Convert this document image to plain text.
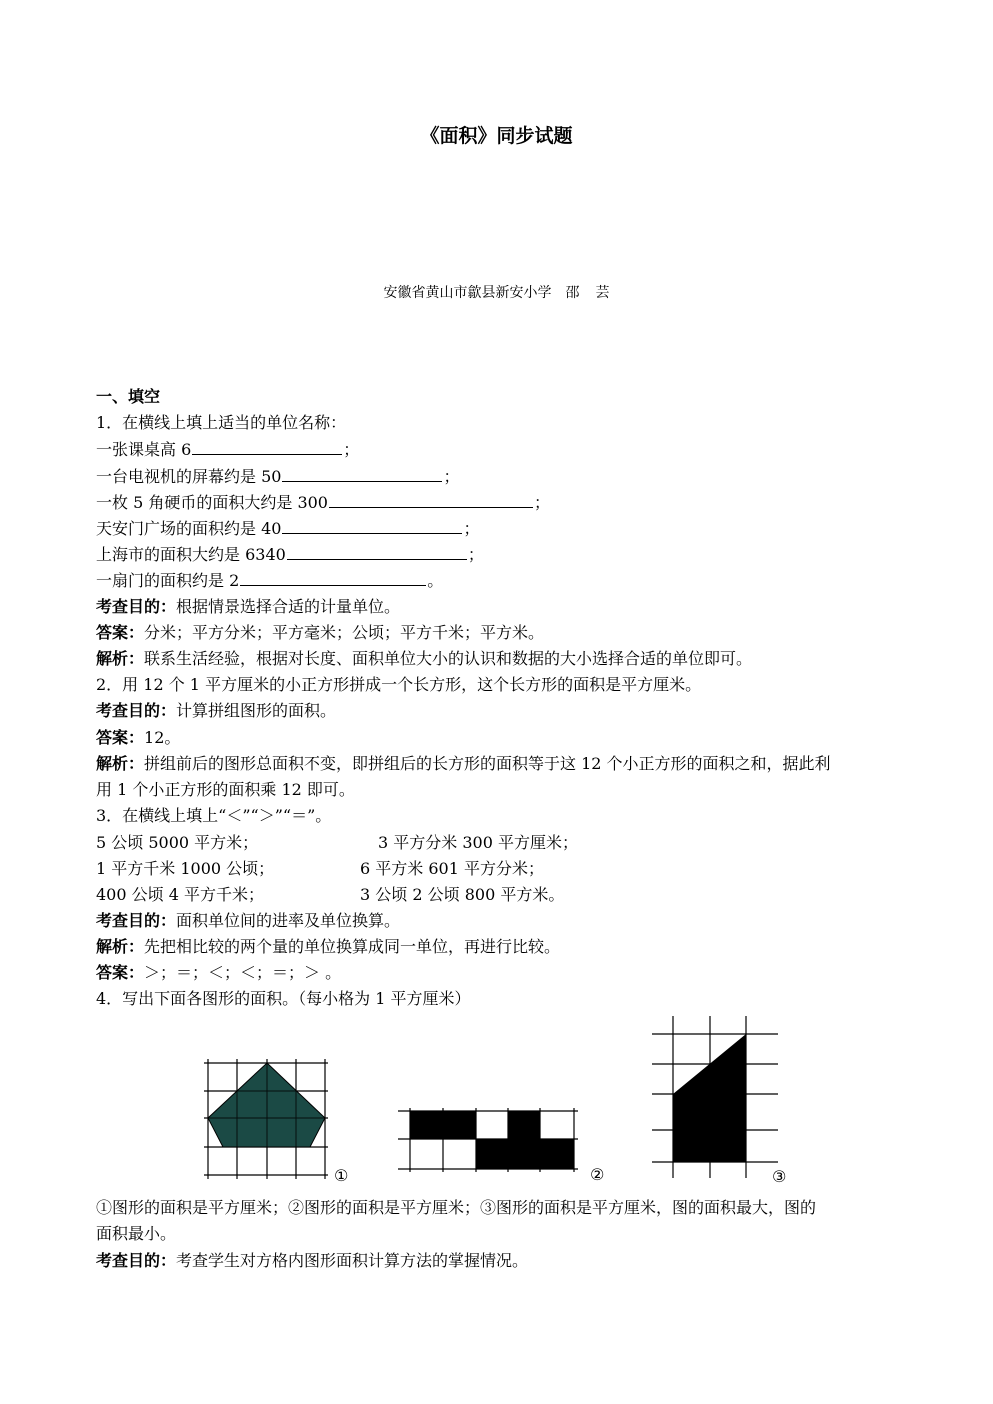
《面积》同步试题
安徽省黄山市歙县新安小学 邵 芸
一、填空
1．在横线上填上适当的单位名称：
一张课桌高 6	；
一台电视机的屏幕约是 50	；
一枚 5 角硬币的面积大约是 300	；
天安门广场的面积约是 40	；
上海市的面积大约是 6340	；
一扇门的面积约是 2	。
考查目的：根据情景选择合适的计量单位。
答案：分米；平方分米；平方毫米；公顷；平方千米；平方米。
解析：联系生活经验，根据对长度、面积单位大小的认识和数据的大小选择合适的单位即可。
2．用 12 个 1 平方厘米的小正方形拼成一个长方形，这个长方形的面积是平方厘米。
考查目的：计算拼组图形的面积。
答案：12。
解析：拼组前后的图形总面积不变，即拼组后的长方形的面积等于这 12 个小正方形的面积之和，据此利
用 1 个小正方形的面积乘 12 即可。
3．在横线上填上“＜”“＞”“＝”。
5 公顷 5000 平方米；	3 平方分米 300 平方厘米；
1 平方千米 1000 公顷；	6 平方米 601 平方分米；
400 公顷 4 平方千米；	3 公顷 2 公顷 800 平方米。
考查目的：面积单位间的进率及单位换算。
解析：先把相比较的两个量的单位换算成同一单位，再进行比较。
答案：＞；＝；＜；＜；＝；＞ 。
4．写出下面各图形的面积。（每小格为 1 平方厘米）
①	②	③
①图形的面积是平方厘米；②图形的面积是平方厘米；③图形的面积是平方厘米，图的面积最大，图的
面积最小。
考查目的：考查学生对方格内图形面积计算方法的掌握情况。
